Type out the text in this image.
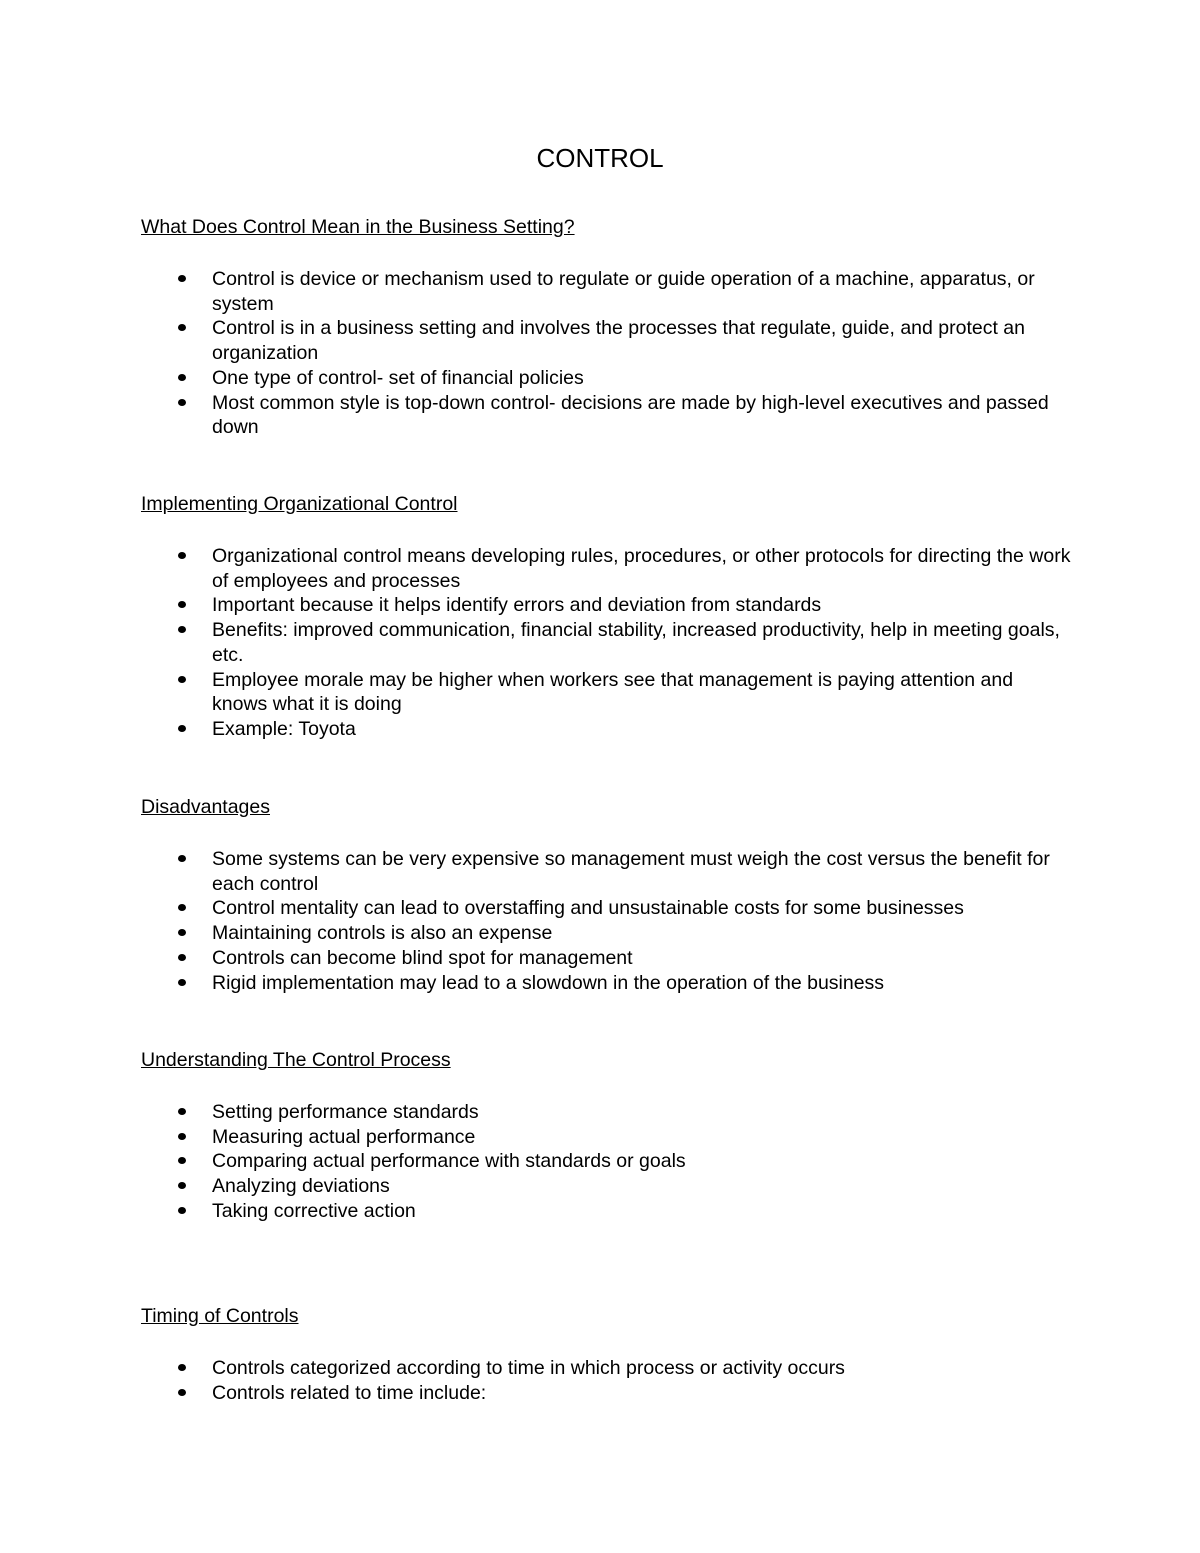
CONTROL
What Does Control Mean in the Business Setting?
Control is device or mechanism used to regulate or guide operation of a machine, apparatus, or system
Control is in a business setting and involves the processes that regulate, guide, and protect an organization
One type of control- set of financial policies
Most common style is top-down control- decisions are made by high-level executives and passed down
Implementing Organizational Control
Organizational control means developing rules, procedures, or other protocols for directing the work of employees and processes
Important because it helps identify errors and deviation from standards
Benefits: improved communication, financial stability, increased productivity, help in meeting goals, etc.
Employee morale may be higher when workers see that management is paying attention and knows what it is doing
Example: Toyota
Disadvantages
Some systems can be very expensive so management must weigh the cost versus the benefit for each control
Control mentality can lead to overstaffing and unsustainable costs for some businesses
Maintaining controls is also an expense
Controls can become blind spot for management
Rigid implementation may lead to a slowdown in the operation of the business
Understanding The Control Process
Setting performance standards
Measuring actual performance
Comparing actual performance with standards or goals
Analyzing deviations
Taking corrective action
Timing of Controls
Controls categorized according to time in which process or activity occurs
Controls related to time include:
